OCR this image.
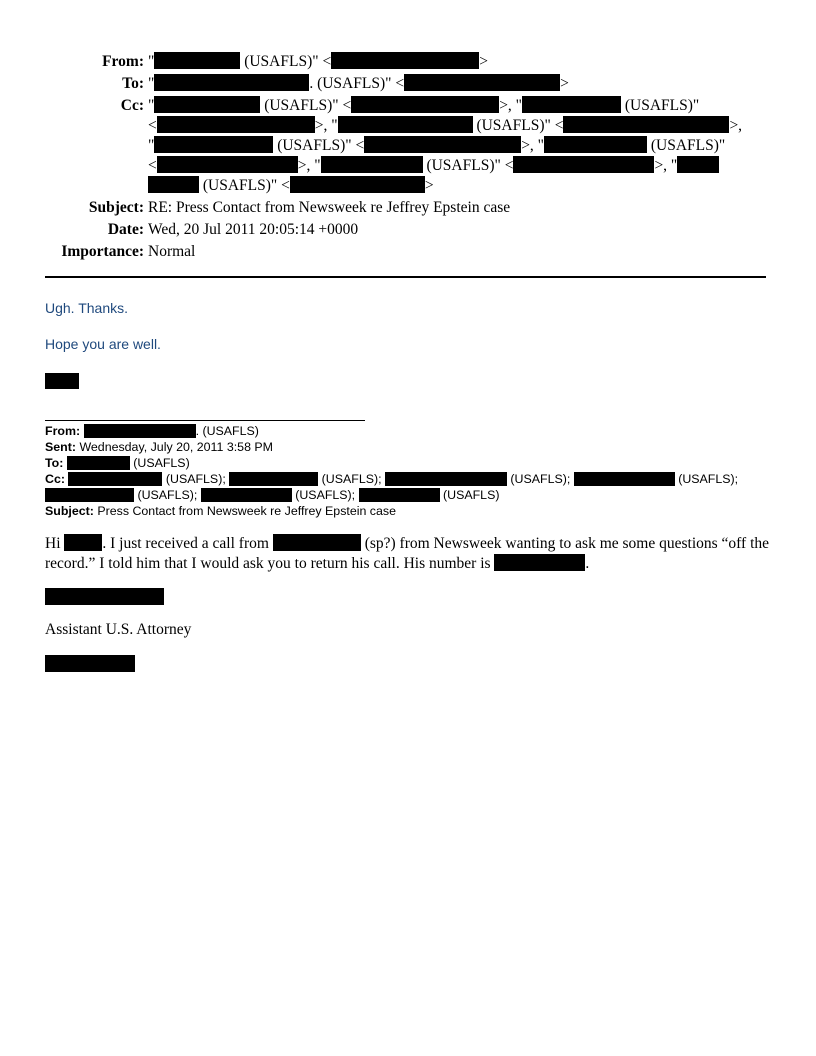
From: "	(USAFLS)" <	>
To: "	. (USAFLS)" <	>
Cc: "	(USAFLS)" <	>, "	(USAFLS)"
<	>, "	(USAFLS)" <	>,
"	(USAFLS)" <	>, "	(USAFLS)"
<	>, "	(USAFLS)" <	>, "
(USAFLS)" <	>
Subject: RE: Press Contact from Newsweek re Jeffrey Epstein case
Date: Wed, 20 Jul 2011 20:05:14 +0000
Importance: Normal
Ugh. Thanks.
Hope you are well.
From:	. (USAFLS)
Sent: Wednesday, July 20, 2011 3:58 PM
To:	(USAFLS)
Cc:	(USAFLS);	(USAFLS);	(USAFLS);	(USAFLS);
(USAFLS);	(USAFLS);	(USAFLS)
Subject: Press Contact from Newsweek re Jeffrey Epstein case
Hi	. I just received a call from	(sp?) from Newsweek wanting to ask me some questions “off the record.” I told him that I would ask you to return his call. His number is	.
Assistant U.S. Attorney
